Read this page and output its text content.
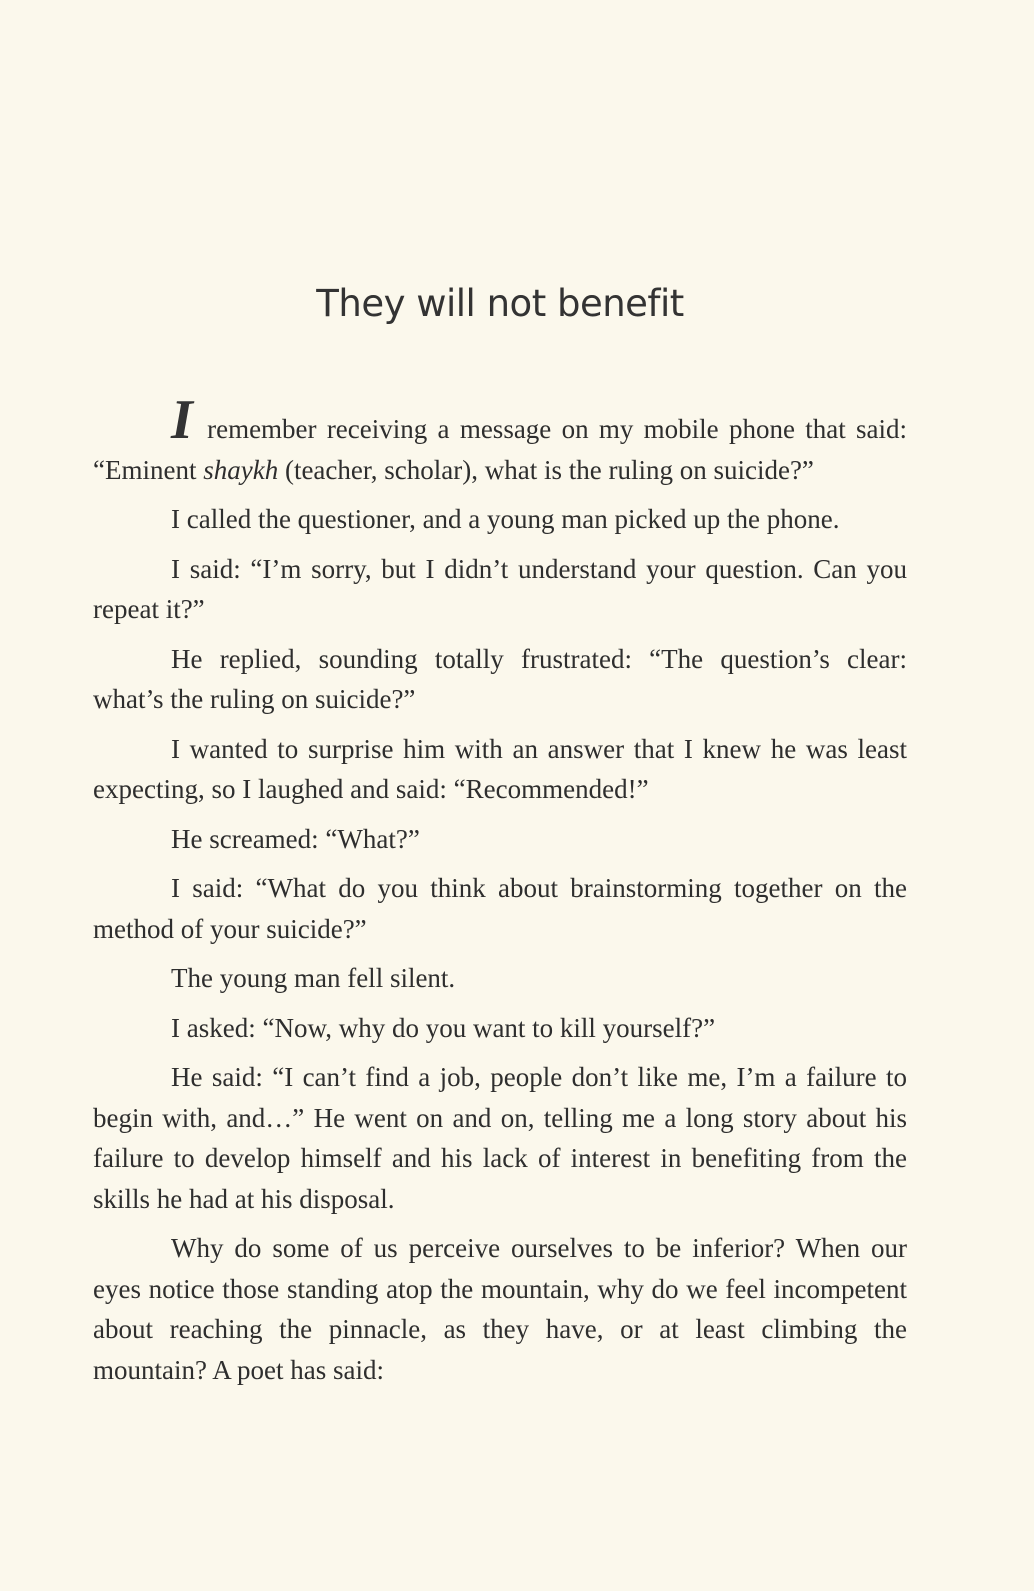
They will not benefit

I remember receiving a message on my mobile phone that said: “Eminent shaykh (teacher, scholar), what is the ruling on suicide?”

I called the questioner, and a young man picked up the phone.

I said: “I’m sorry, but I didn’t understand your question. Can you repeat it?”

He replied, sounding totally frustrated: “The question’s clear: what’s the ruling on suicide?”

I wanted to surprise him with an answer that I knew he was least expecting, so I laughed and said: “Recommended!”

He screamed: “What?”

I said: “What do you think about brainstorming together on the method of your suicide?”

The young man fell silent.

I asked: “Now, why do you want to kill yourself?”

He said: “I can’t find a job, people don’t like me, I’m a failure to begin with, and…” He went on and on, telling me a long story about his failure to develop himself and his lack of interest in benefiting from the skills he had at his disposal.

Why do some of us perceive ourselves to be inferior? When our eyes notice those standing atop the mountain, why do we feel incompetent about reaching the pinnacle, as they have, or at least climbing the mountain? A poet has said:
